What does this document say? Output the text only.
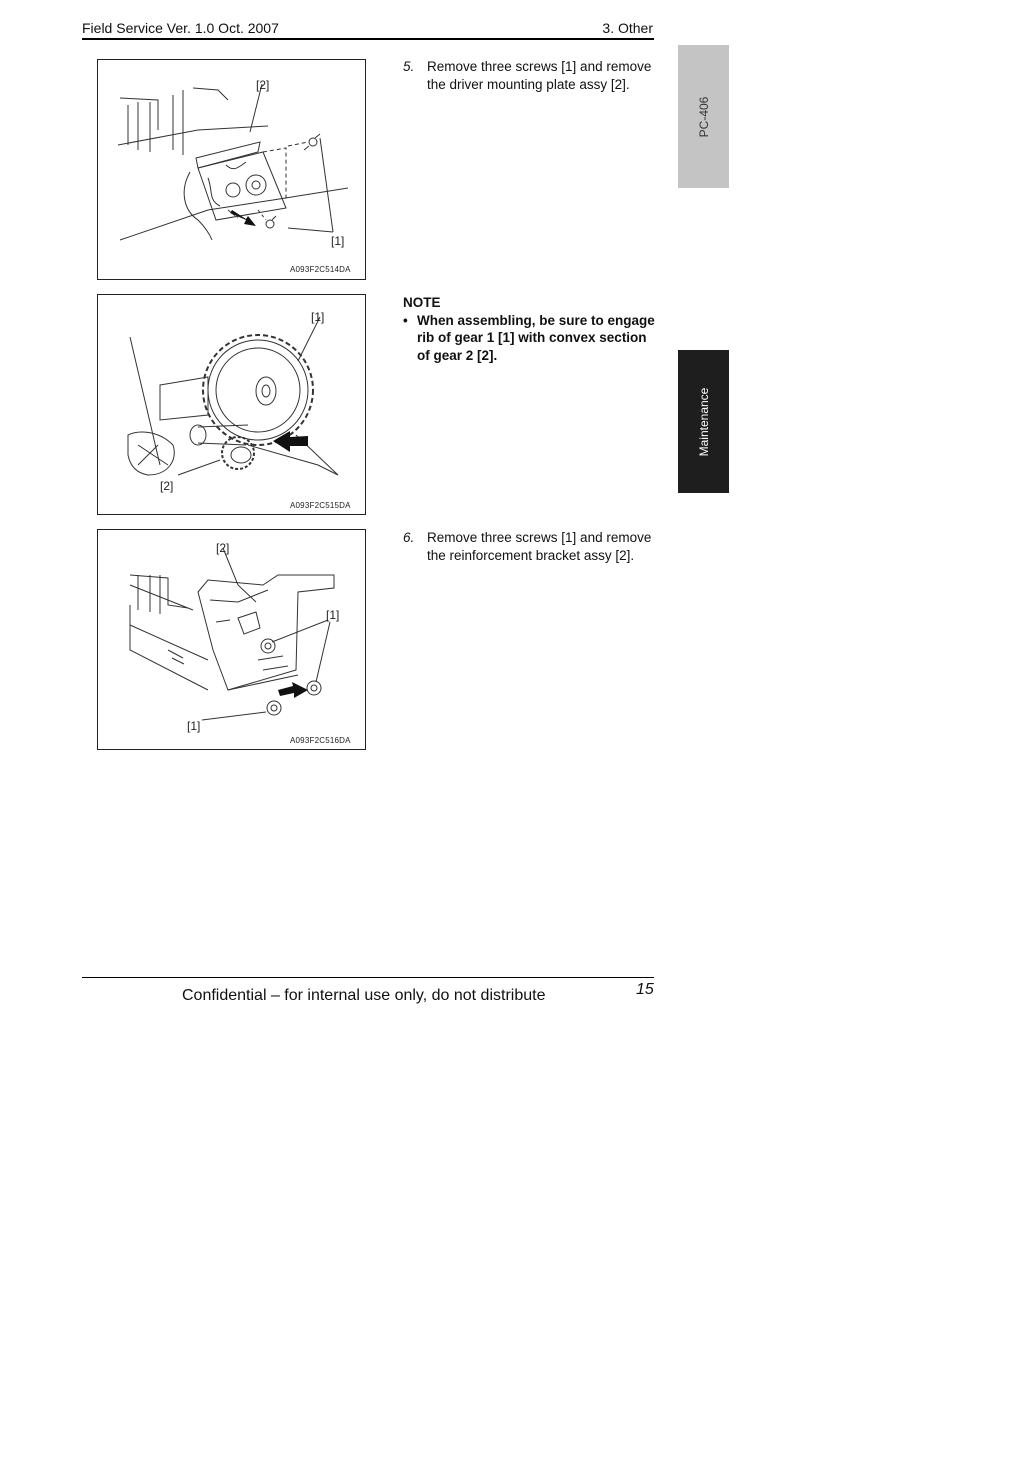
Field Service Ver. 1.0 Oct. 2007	3. Other
[2]
[1]
A093F2C514DA
[1]
[2]
A093F2C515DA
[2]
[1]
[1]
A093F2C516DA
5. Remove three screws [1] and remove the driver mounting plate assy [2].
NOTE
• When assembling, be sure to engage rib of gear 1 [1] with convex section of gear 2 [2].
6. Remove three screws [1] and remove the reinforcement bracket assy [2].
PC-406
Maintenance
Confidential – for internal use only, do not distribute	15
